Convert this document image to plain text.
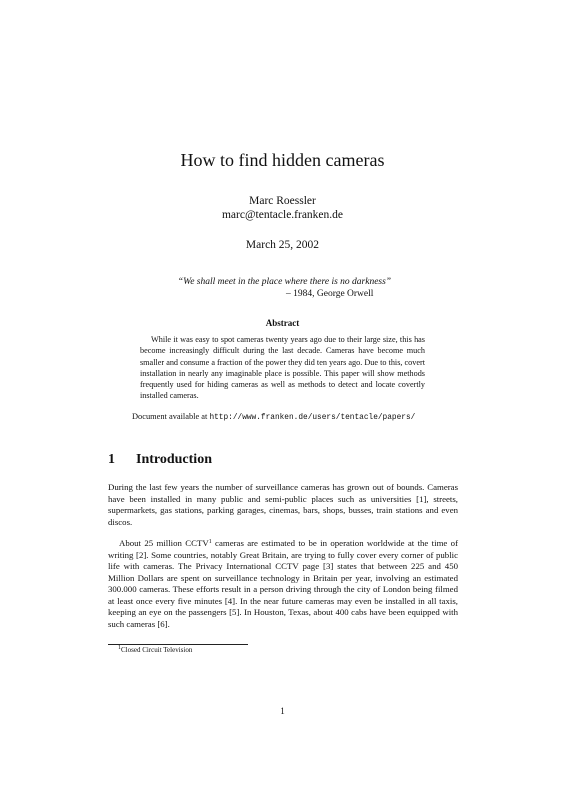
How to find hidden cameras
Marc Roessler
marc@tentacle.franken.de
March 25, 2002
“We shall meet in the place where there is no darkness”
– 1984, George Orwell
Abstract
While it was easy to spot cameras twenty years ago due to their large size, this has become increasingly difficult during the last decade. Cameras have become much smaller and consume a fraction of the power they did ten years ago. Due to this, covert installation in nearly any imaginable place is possible. This paper will show methods frequently used for hiding cameras as well as methods to detect and locate covertly installed cameras.
Document available at http://www.franken.de/users/tentacle/papers/
1 Introduction
During the last few years the number of surveillance cameras has grown out of bounds. Cameras have been installed in many public and semi-public places such as universities [1], streets, supermarkets, gas stations, parking garages, cinemas, bars, shops, busses, train stations and even discos.
About 25 million CCTV$^1$ cameras are estimated to be in operation worldwide at the time of writing [2]. Some countries, notably Great Britain, are trying to fully cover every corner of public life with cameras. The Privacy International CCTV page [3] states that between 225 and 450 Million Dollars are spent on surveillance technology in Britain per year, involving an estimated 300.000 cameras. These efforts result in a person driving through the city of London being filmed at least once every five minutes [4]. In the near future cameras may even be installed in all taxis, keeping an eye on the passengers [5]. In Houston, Texas, about 400 cabs have been equipped with such cameras [6].
$^1$Closed Circuit Television
1
